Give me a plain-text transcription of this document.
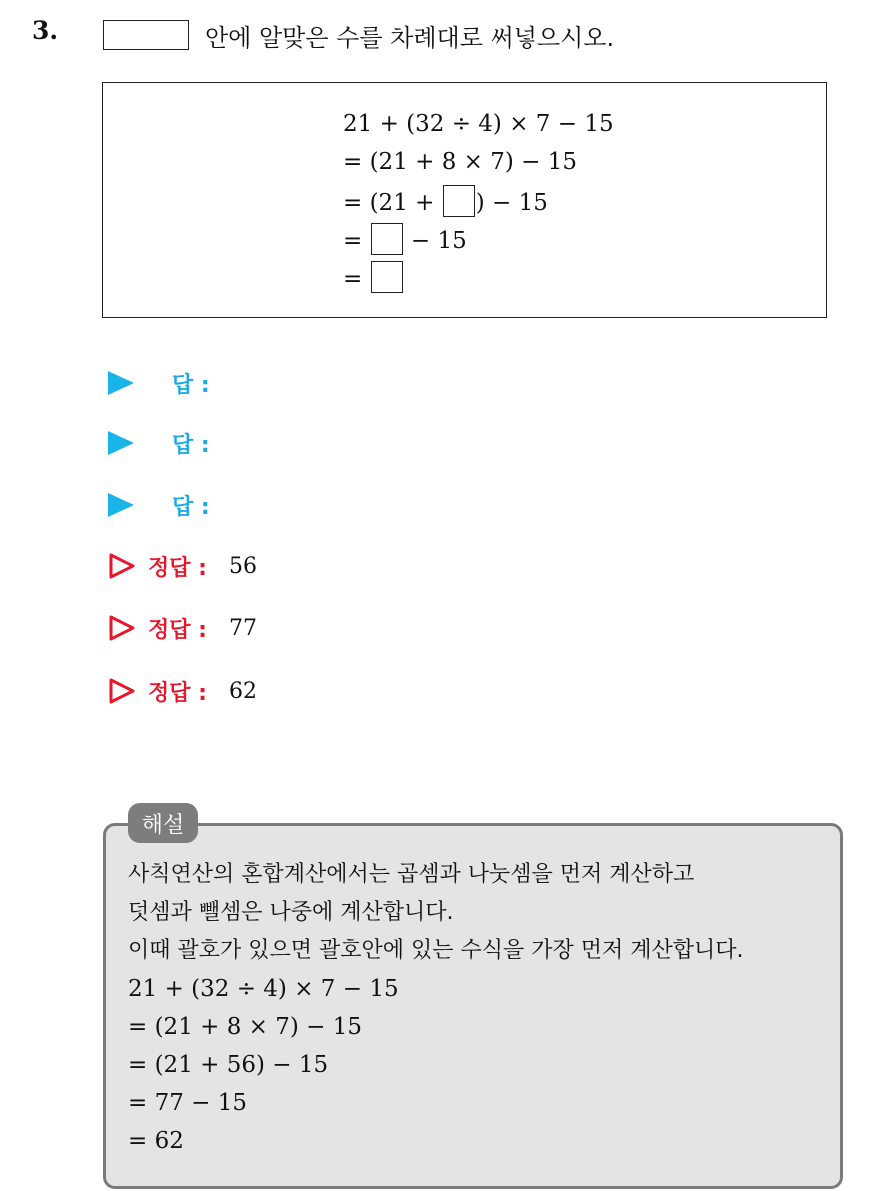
3.	안에 알맞은 수를 차례대로 써넣으시오.
21 + (32 ÷ 4) × 7 − 15
= (21 + 8 × 7) − 15
= (21 + ) − 15
=  − 15
=
답 :
답 :
답 :
정답 : 56
정답 : 77
정답 : 62
해설
사칙연산의 혼합계산에서는 곱셈과 나눗셈을 먼저 계산하고
덧셈과 뺄셈은 나중에 계산합니다.
이때 괄호가 있으면 괄호안에 있는 수식을 가장 먼저 계산합니다.
21 + (32 ÷ 4) × 7 − 15
= (21 + 8 × 7) − 15
= (21 + 56) − 15
= 77 − 15
= 62
